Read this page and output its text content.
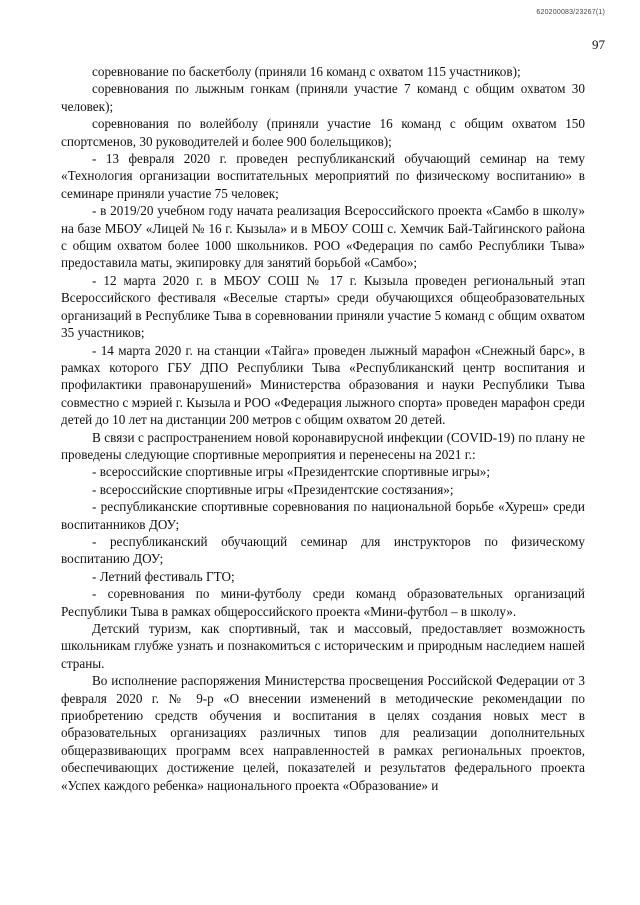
620200083/23267(1)
97

соревнование по баскетболу (приняли 16 команд с охватом 115 участников);

соревнования по лыжным гонкам (приняли участие 7 команд с общим охватом 30 человек);

соревнования по волейболу (приняли участие 16 команд с общим охватом 150 спортсменов, 30 руководителей и более 900 болельщиков);

- 13 февраля 2020 г. проведен республиканский обучающий семинар на тему «Технология организации воспитательных мероприятий по физическому воспитанию» в семинаре приняли участие 75 человек;

- в 2019/20 учебном году начата реализация Всероссийского проекта «Самбо в школу» на базе МБОУ «Лицей № 16 г. Кызыла» и в МБОУ СОШ с. Хемчик Бай-Тайгинского района с общим охватом более 1000 школьников. РОО «Федерация по самбо Республики Тыва» предоставила маты, экипировку для занятий борьбой «Самбо»;

- 12 марта 2020 г. в МБОУ СОШ № 17 г. Кызыла проведен региональный этап Всероссийского фестиваля «Веселые старты» среди обучающихся общеобразовательных организаций в Республике Тыва в соревновании приняли участие 5 команд с общим охватом 35 участников;

- 14 марта 2020 г. на станции «Тайга» проведен лыжный марафон «Снежный барс», в рамках которого ГБУ ДПО Республики Тыва «Республиканский центр воспитания и профилактики правонарушений» Министерства образования и науки Республики Тыва совместно с мэрией г. Кызыла и РОО «Федерация лыжного спорта» проведен марафон среди детей до 10 лет на дистанции 200 метров с общим охватом 20 детей.

В связи с распространением новой коронавирусной инфекции (COVID-19) по плану не проведены следующие спортивные мероприятия и перенесены на 2021 г.:

- всероссийские спортивные игры «Президентские спортивные игры»;

- всероссийские спортивные игры «Президентские состязания»;

- республиканские спортивные соревнования по национальной борьбе «Хуреш» среди воспитанников ДОУ;

- республиканский обучающий семинар для инструкторов по физическому воспитанию ДОУ;

- Летний фестиваль ГТО;

- соревнования по мини-футболу среди команд образовательных организаций Республики Тыва в рамках общероссийского проекта «Мини-футбол – в школу».

Детский туризм, как спортивный, так и массовый, предоставляет возможность школьникам глубже узнать и познакомиться с историческим и природным наследием нашей страны.

Во исполнение распоряжения Министерства просвещения Российской Федерации от 3 февраля 2020 г. № 9-р «О внесении изменений в методические рекомендации по приобретению средств обучения и воспитания в целях создания новых мест в образовательных организациях различных типов для реализации дополнительных общеразвивающих программ всех направленностей в рамках региональных проектов, обеспечивающих достижение целей, показателей и результатов федерального проекта «Успех каждого ребенка» национального проекта «Образование» и
